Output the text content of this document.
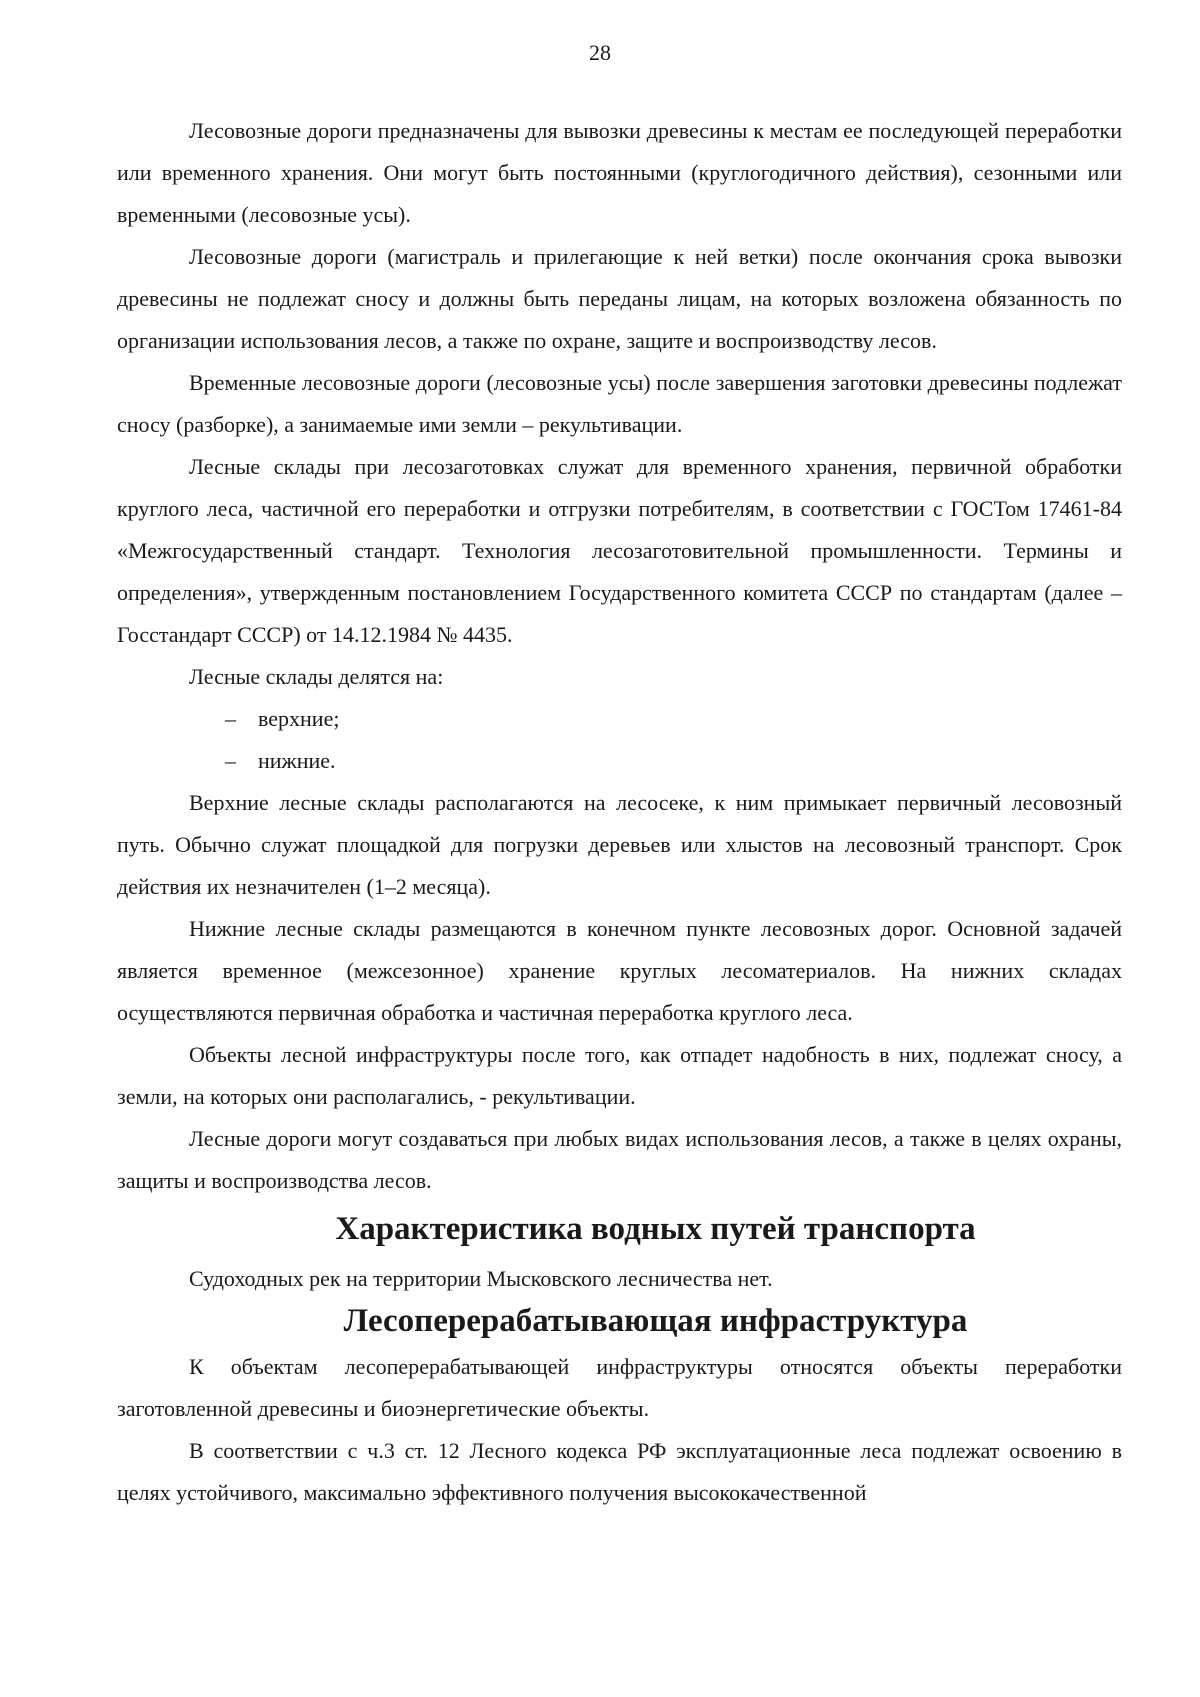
28

Лесовозные дороги предназначены для вывозки древесины к местам ее последующей переработки или временного хранения. Они могут быть постоянными (круглогодичного действия), сезонными или временными (лесовозные усы).

Лесовозные дороги (магистраль и прилегающие к ней ветки) после окончания срока вывозки древесины не подлежат сносу и должны быть переданы лицам, на которых возложена обязанность по организации использования лесов, а также по охране, защите и воспроизводству лесов.

Временные лесовозные дороги (лесовозные усы) после завершения заготовки древесины подлежат сносу (разборке), а занимаемые ими земли – рекультивации.

Лесные склады при лесозаготовках служат для временного хранения, первичной обработки круглого леса, частичной его переработки и отгрузки потребителям, в соответствии с ГОСТом 17461-84 «Межгосударственный стандарт. Технология лесозаготовительной промышленности. Термины и определения», утвержденным постановлением Государственного комитета СССР по стандартам (далее – Госстандарт СССР) от 14.12.1984 № 4435.

Лесные склады делятся на:

– верхние;
– нижние.

Верхние лесные склады располагаются на лесосеке, к ним примыкает первичный лесовозный путь. Обычно служат площадкой для погрузки деревьев или хлыстов на лесовозный транспорт. Срок действия их незначителен (1–2 месяца).

Нижние лесные склады размещаются в конечном пункте лесовозных дорог. Основной задачей является временное (межсезонное) хранение круглых лесоматериалов. На нижних складах осуществляются первичная обработка и частичная переработка круглого леса.

Объекты лесной инфраструктуры после того, как отпадет надобность в них, подлежат сносу, а земли, на которых они располагались, - рекультивации.

Лесные дороги могут создаваться при любых видах использования лесов, а также в целях охраны, защиты и воспроизводства лесов.

Характеристика водных путей транспорта

Судоходных рек на территории Мысковского лесничества нет.

Лесоперерабатывающая инфраструктура

К объектам лесоперерабатывающей инфраструктуры относятся объекты переработки заготовленной древесины и биоэнергетические объекты.

В соответствии с ч.3 ст. 12 Лесного кодекса РФ эксплуатационные леса подлежат освоению в целях устойчивого, максимально эффективного получения высококачественной
